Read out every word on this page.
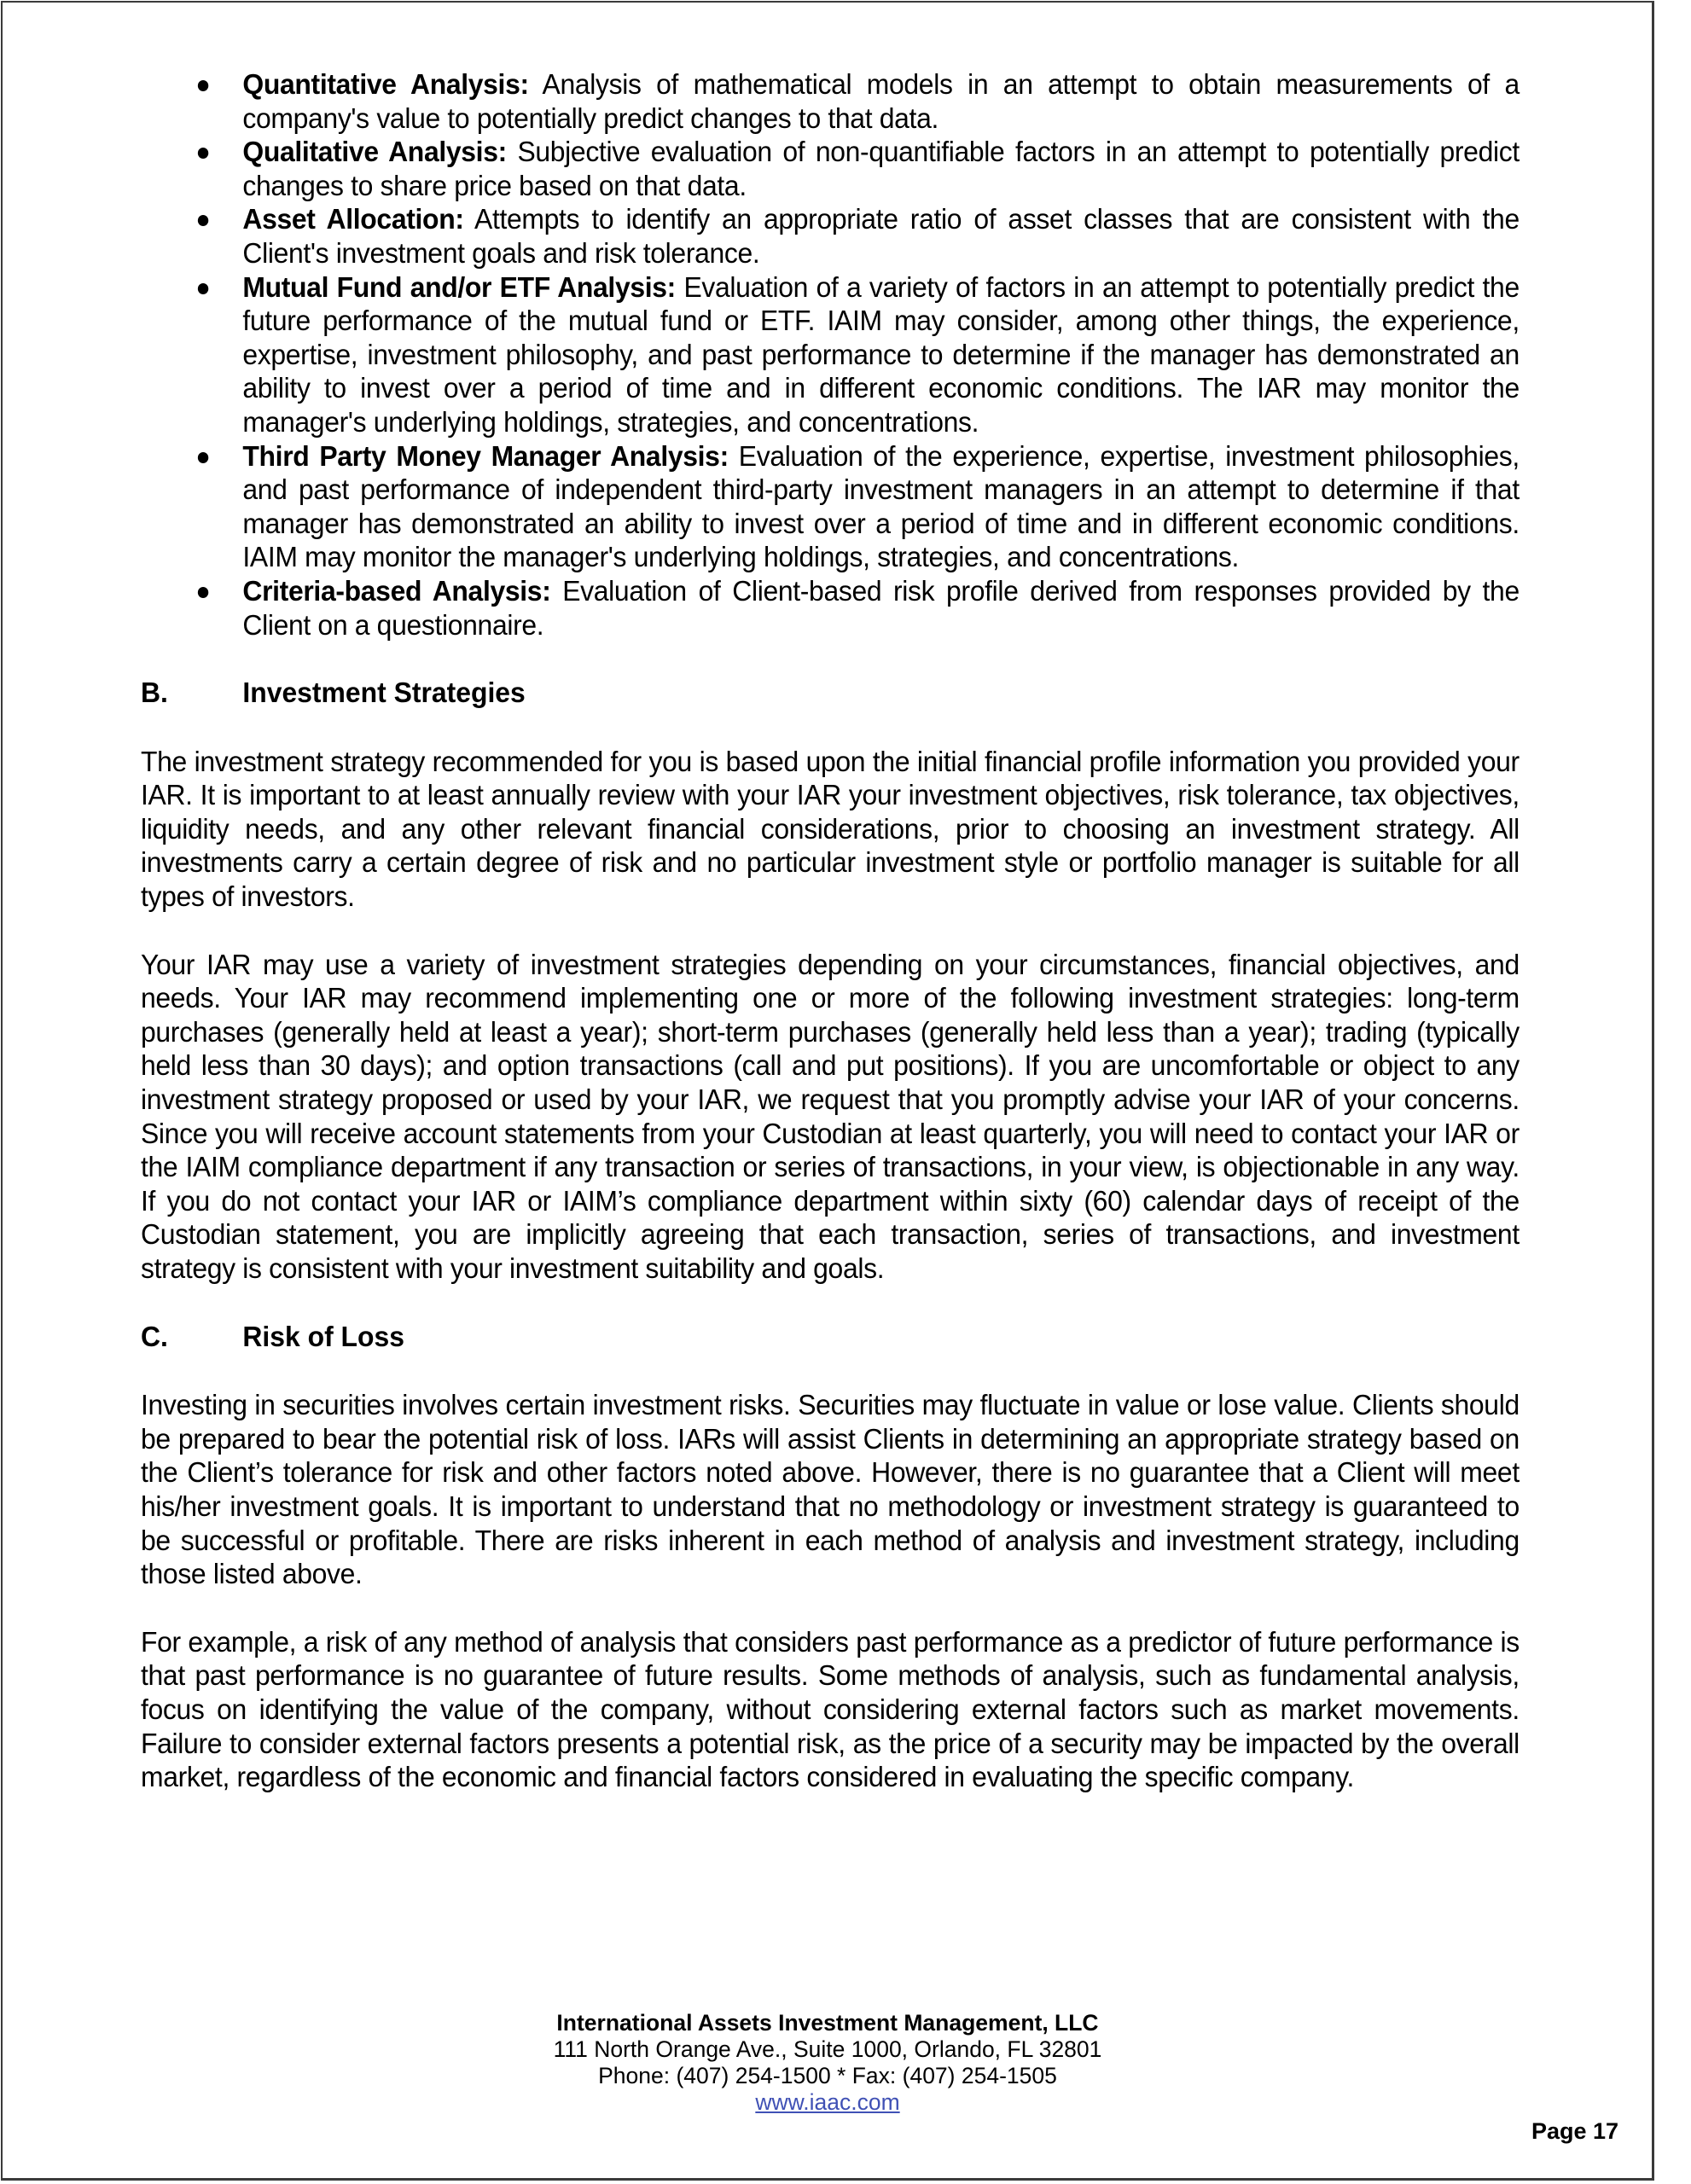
Quantitative Analysis: Analysis of mathematical models in an attempt to obtain measurements of a company's value to potentially predict changes to that data.
Qualitative Analysis: Subjective evaluation of non-quantifiable factors in an attempt to potentially predict changes to share price based on that data.
Asset Allocation: Attempts to identify an appropriate ratio of asset classes that are consistent with the Client's investment goals and risk tolerance.
Mutual Fund and/or ETF Analysis: Evaluation of a variety of factors in an attempt to potentially predict the future performance of the mutual fund or ETF. IAIM may consider, among other things, the experience, expertise, investment philosophy, and past performance to determine if the manager has demonstrated an ability to invest over a period of time and in different economic conditions. The IAR may monitor the manager's underlying holdings, strategies, and concentrations.
Third Party Money Manager Analysis: Evaluation of the experience, expertise, investment philosophies, and past performance of independent third-party investment managers in an attempt to determine if that manager has demonstrated an ability to invest over a period of time and in different economic conditions. IAIM may monitor the manager's underlying holdings, strategies, and concentrations.
Criteria-based Analysis: Evaluation of Client-based risk profile derived from responses provided by the Client on a questionnaire.
B.	Investment Strategies
The investment strategy recommended for you is based upon the initial financial profile information you provided your IAR. It is important to at least annually review with your IAR your investment objectives, risk tolerance, tax objectives, liquidity needs, and any other relevant financial considerations, prior to choosing an investment strategy. All investments carry a certain degree of risk and no particular investment style or portfolio manager is suitable for all types of investors.
Your IAR may use a variety of investment strategies depending on your circumstances, financial objectives, and needs. Your IAR may recommend implementing one or more of the following investment strategies: long-term purchases (generally held at least a year); short-term purchases (generally held less than a year); trading (typically held less than 30 days); and option transactions (call and put positions). If you are uncomfortable or object to any investment strategy proposed or used by your IAR, we request that you promptly advise your IAR of your concerns. Since you will receive account statements from your Custodian at least quarterly, you will need to contact your IAR or the IAIM compliance department if any transaction or series of transactions, in your view, is objectionable in any way. If you do not contact your IAR or IAIM’s compliance department within sixty (60) calendar days of receipt of the Custodian statement, you are implicitly agreeing that each transaction, series of transactions, and investment strategy is consistent with your investment suitability and goals.
C.	Risk of Loss
Investing in securities involves certain investment risks. Securities may fluctuate in value or lose value. Clients should be prepared to bear the potential risk of loss. IARs will assist Clients in determining an appropriate strategy based on the Client’s tolerance for risk and other factors noted above. However, there is no guarantee that a Client will meet his/her investment goals. It is important to understand that no methodology or investment strategy is guaranteed to be successful or profitable. There are risks inherent in each method of analysis and investment strategy, including those listed above.
For example, a risk of any method of analysis that considers past performance as a predictor of future performance is that past performance is no guarantee of future results. Some methods of analysis, such as fundamental analysis, focus on identifying the value of the company, without considering external factors such as market movements. Failure to consider external factors presents a potential risk, as the price of a security may be impacted by the overall market, regardless of the economic and financial factors considered in evaluating the specific company.
International Assets Investment Management, LLC
111 North Orange Ave., Suite 1000, Orlando, FL 32801
Phone: (407) 254-1500 * Fax: (407) 254-1505
www.iaac.com
Page 17
